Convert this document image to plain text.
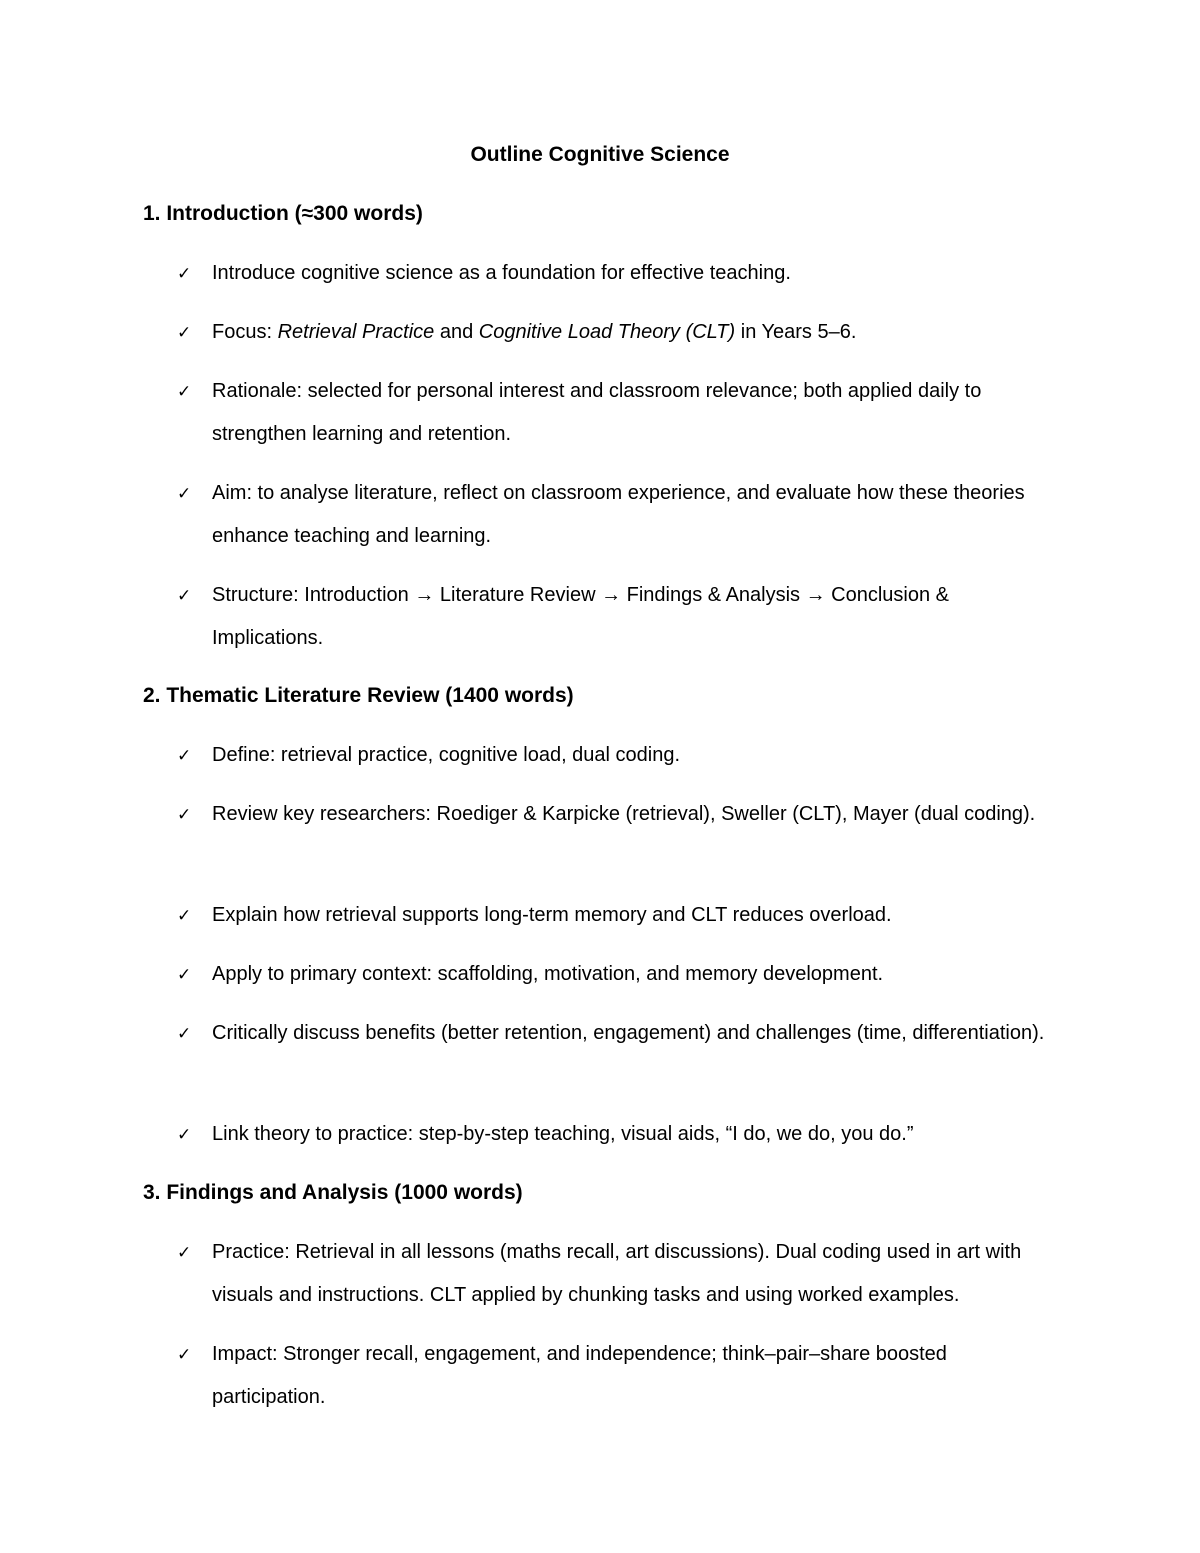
Outline Cognitive Science
1. Introduction (≈300 words)
✓ Introduce cognitive science as a foundation for effective teaching.
✓ Focus: Retrieval Practice and Cognitive Load Theory (CLT) in Years 5–6.
✓ Rationale: selected for personal interest and classroom relevance; both applied daily to strengthen learning and retention.
✓ Aim: to analyse literature, reflect on classroom experience, and evaluate how these theories enhance teaching and learning.
✓ Structure: Introduction → Literature Review → Findings & Analysis → Conclusion & Implications.
2. Thematic Literature Review (1400 words)
✓ Define: retrieval practice, cognitive load, dual coding.
✓ Review key researchers: Roediger & Karpicke (retrieval), Sweller (CLT), Mayer (dual coding).
✓ Explain how retrieval supports long-term memory and CLT reduces overload.
✓ Apply to primary context: scaffolding, motivation, and memory development.
✓ Critically discuss benefits (better retention, engagement) and challenges (time, differentiation).
✓ Link theory to practice: step-by-step teaching, visual aids, “I do, we do, you do.”
3. Findings and Analysis (1000 words)
✓ Practice: Retrieval in all lessons (maths recall, art discussions). Dual coding used in art with visuals and instructions. CLT applied by chunking tasks and using worked examples.
✓ Impact: Stronger recall, engagement, and independence; think–pair–share boosted participation.
